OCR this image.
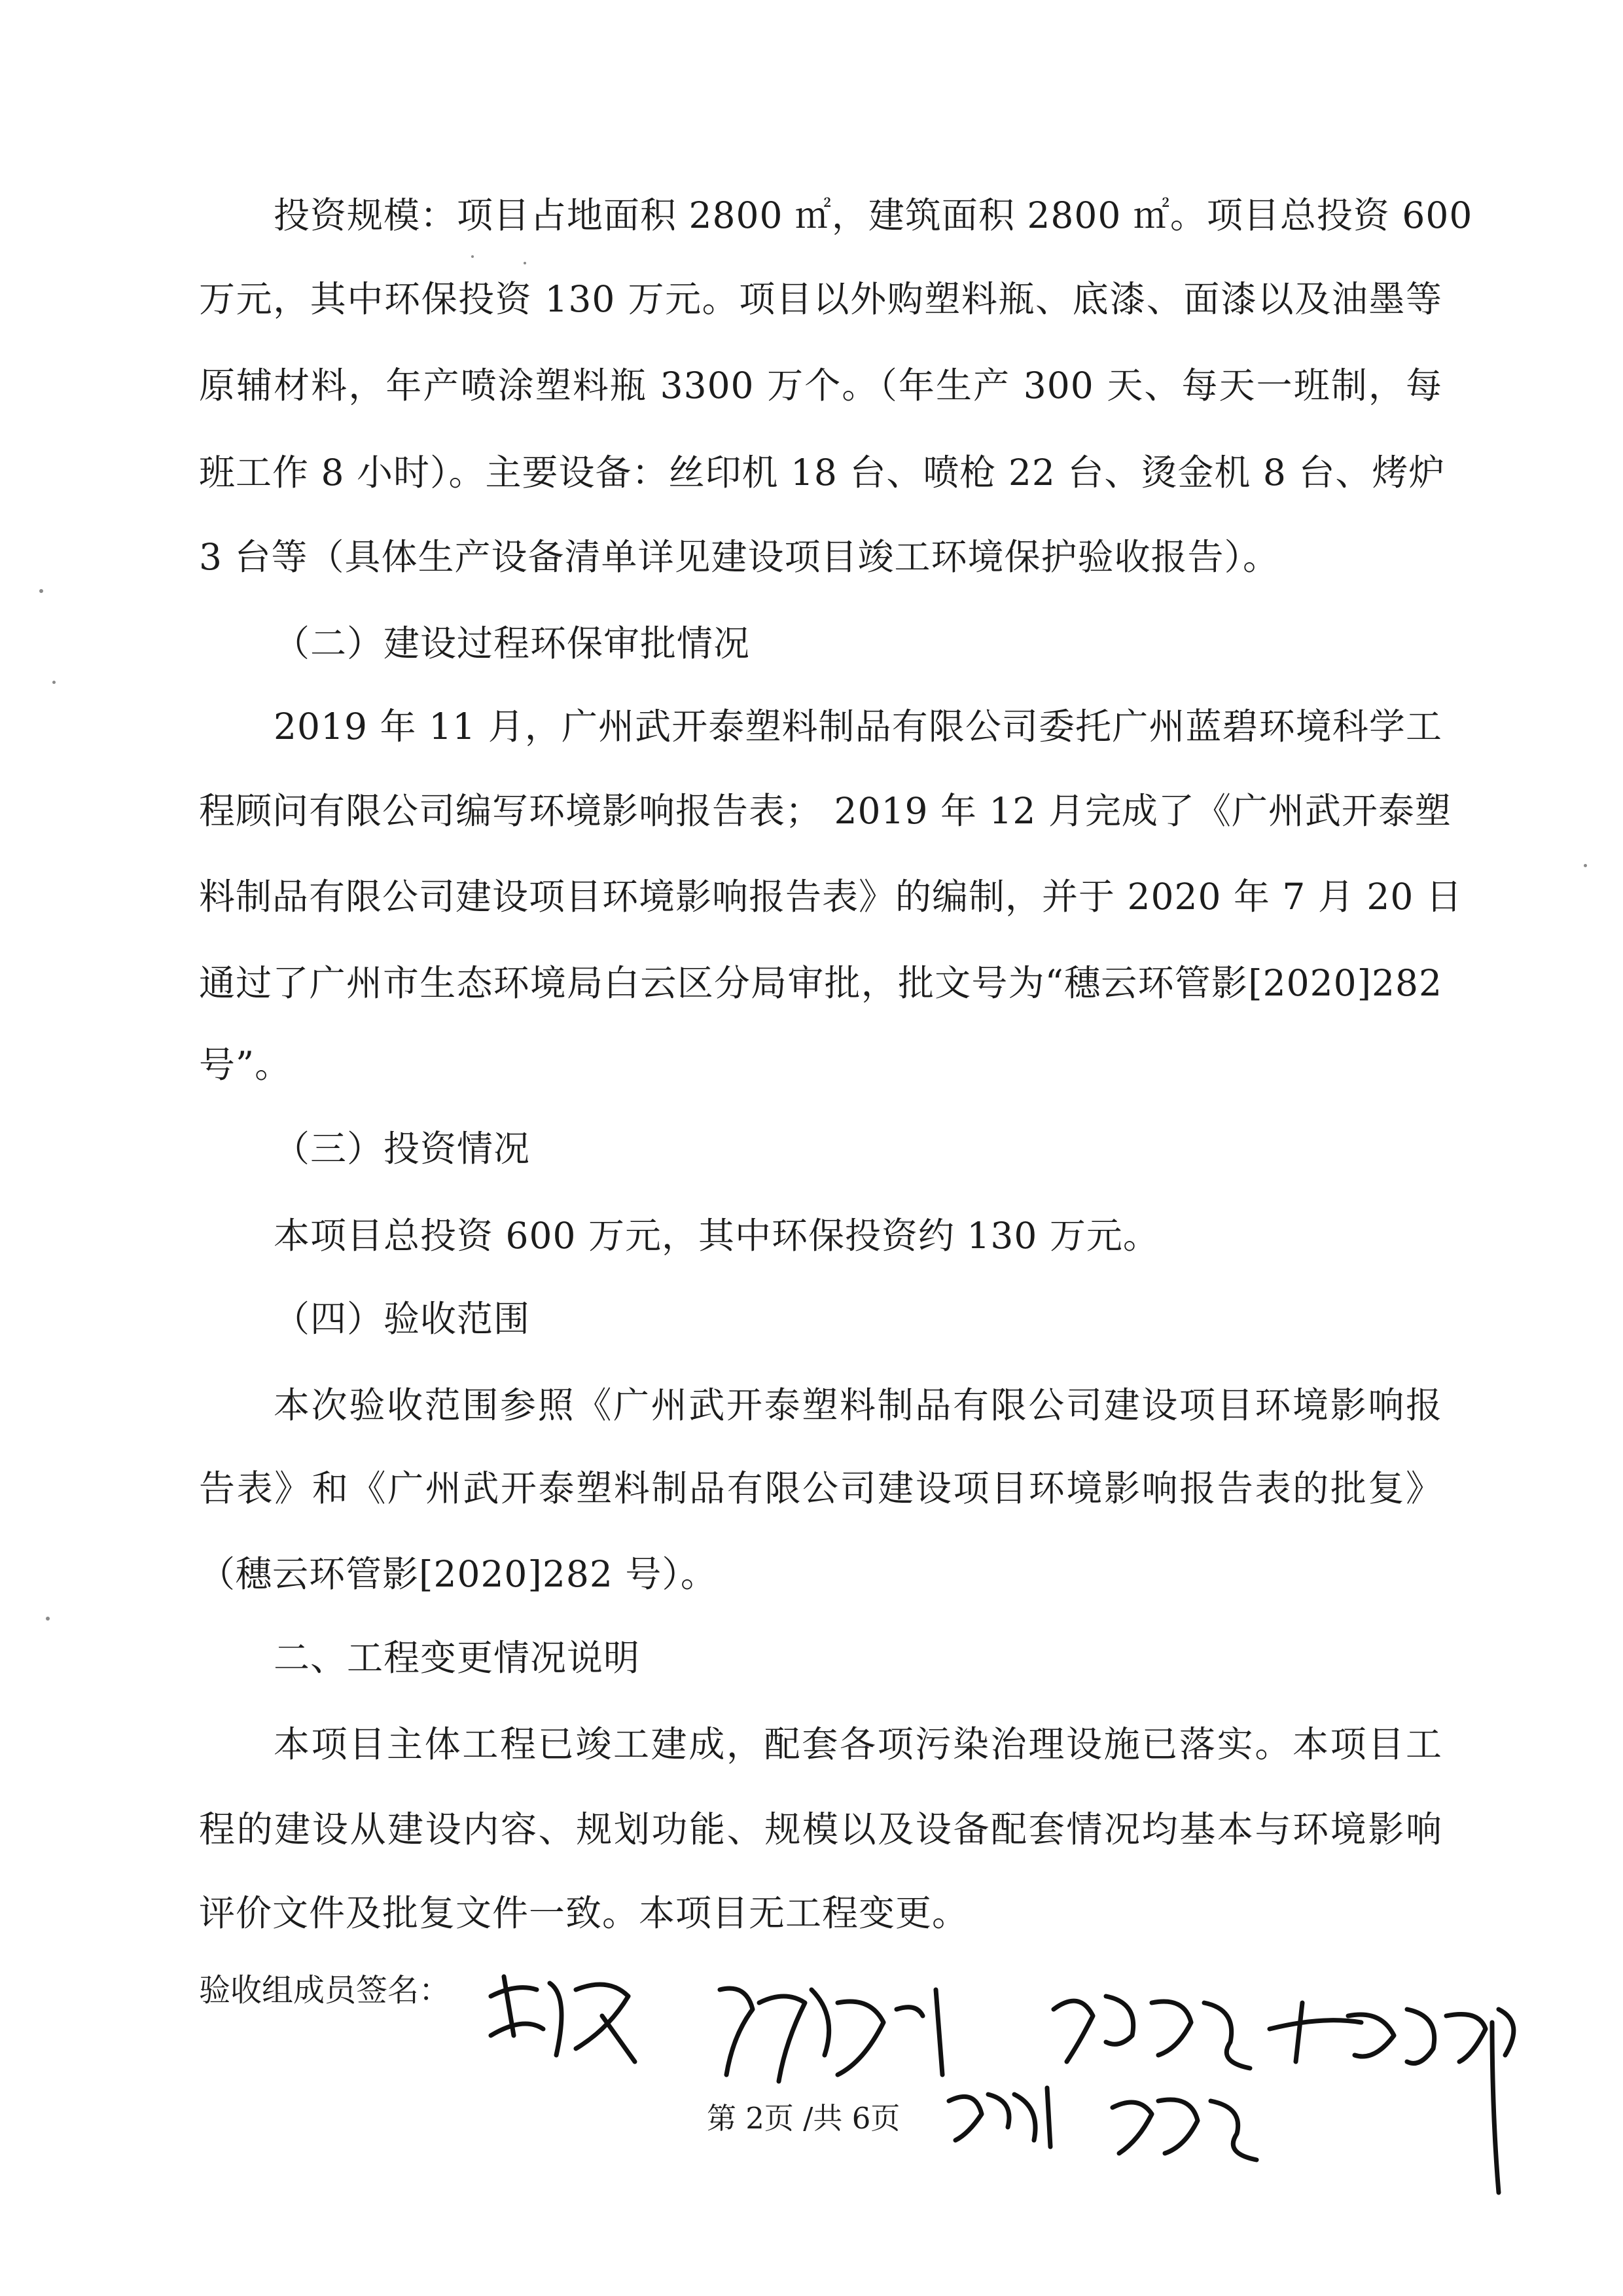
投资规模：项目占地面积 2800 ㎡，建筑面积 2800 ㎡。项目总投资 600
万元，其中环保投资 130 万元。项目以外购塑料瓶、底漆、面漆以及油墨等
原辅材料，年产喷涂塑料瓶 3300 万个。（年生产 300 天、每天一班制，每
班工作 8 小时）。主要设备：丝印机 18 台、喷枪 22 台、烫金机 8 台、烤炉
3 台等（具体生产设备清单详见建设项目竣工环境保护验收报告）。
（二）建设过程环保审批情况
2019 年 11 月，广州武开泰塑料制品有限公司委托广州蓝碧环境科学工
程顾问有限公司编写环境影响报告表； 2019 年 12 月完成了《广州武开泰塑
料制品有限公司建设项目环境影响报告表》的编制，并于 2020 年 7 月 20 日
通过了广州市生态环境局白云区分局审批，批文号为“穗云环管影[2020]282
号”。
（三）投资情况
本项目总投资 600 万元，其中环保投资约 130 万元。
（四）验收范围
本次验收范围参照《广州武开泰塑料制品有限公司建设项目环境影响报
告表》和《广州武开泰塑料制品有限公司建设项目环境影响报告表的批复》
（穗云环管影[2020]282 号）。
二、工程变更情况说明
本项目主体工程已竣工建成，配套各项污染治理设施已落实。本项目工
程的建设从建设内容、规划功能、规模以及设备配套情况均基本与环境影响
评价文件及批复文件一致。本项目无工程变更。
验收组成员签名：
第 2页 /共 6页
